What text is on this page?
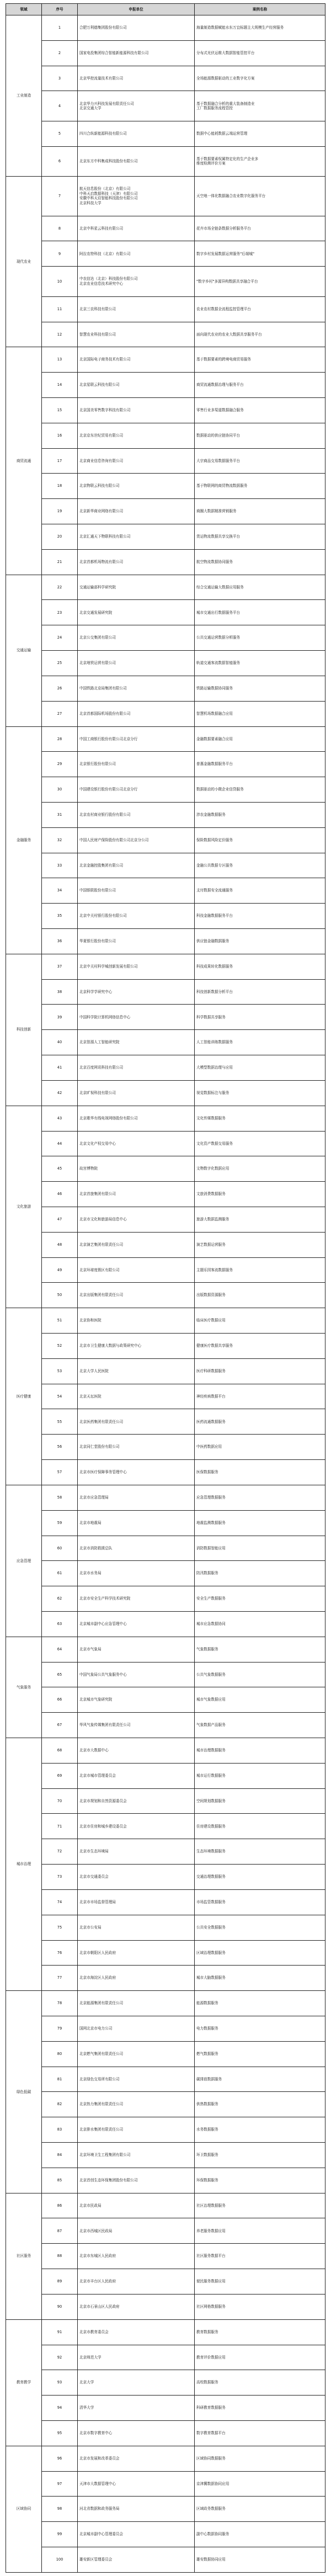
领域	序号	申报单位	案例名称
工业制造	1	合肥万利德集团股份有限公司	海量制造数据赋能水东万宜标题主大规模生产经营服务

	2	国家电投集团综合智能新能源科技有限公司	分布式光伏运维大数据智能管控平台

	3	北京华控流量技术有限公司	全场能源数据驱动的工业数字化方案

	4	北京华力兴科技发展有限责任公司
北京交通大学	基于数据融合分析的重大装备制造业
工厂数据服务流程管控

	5	四川合纵新能源科技有限公司	数据中心能耗数据云端运营管理

	6	北京东方中科集成科技股份有限公司	基于数据要素权属特定化的生产企业多
维度检测评价方案

现代农业	7	航天信息股份（北京）有限公司
中科天启数据科技（天津）有限公司
安徽中科天启智能科技股份有限公司
北京科技大学	天空地一体化数据融合农业数字化服务平台

	8	北京中科星云科技有限公司	花卉市场全链条数据分析服务平台

	9	阿拉农特科技（北京）有限公司	数字乡村发展数据运营服务"后端城"

	10	中农信达（北京）科技股份有限公司
北京农业信息技术研究中心	"数字乡村"多源异构数据共享融合平台

	11	北京三农科技有限公司	农业农村数据全流程监控管理平台

	12	智慧农业科技有限公司	面向现代农业的农业大数据共享服务平台

商贸流通	13	北京国际电子商务技术有限公司	基于数据要素的跨境电商贸易服务

	14	北京星联云科技有限公司	商贸流通数据治理与服务平台

	15	北京国美零售数字科技有限公司	零售行业多渠道数据融合服务

	16	北京京东世纪贸易有限公司	数据驱动的供应链协同平台

	17	北京商业信息咨询有限公司	大宗商品交易数据服务平台

	18	北京物联云科技有限公司	基于物联网的商贸物流数据服务

	19	北京新华商业网络有限公司	商圈大数据精准营销服务

	20	北京汇通天下物联科技有限公司	货运物流数据共享交换平台

	21	北京首都机场物流有限公司	航空物流数据协同服务

交通运输	22	交通运输部科学研究院	综合交通运输大数据应用服务

	23	北京交通发展研究院	城市交通出行数据服务平台

	24	北京公交集团有限公司	公共交通运营数据分析服务

	25	北京地铁运营有限公司	轨道交通客流数据智能服务

	26	中国铁路北京局集团有限公司	铁路运输数据协同服务

	27	北京首都国际机场股份有限公司	智慧机场数据融合应用

金融服务	28	中国工商银行股份有限公司北京分行	金融数据要素融合应用

	29	北京银行股份有限公司	普惠金融数据服务平台

	30	中国建设银行股份有限公司北京分行	数据驱动的小微企业信贷服务

	31	北京农村商业银行股份有限公司	涉农金融数据服务

	32	中国人民财产保险股份有限公司北京分公司	保险数据风险定价服务

	33	北京金融控股集团有限公司	金融公共数据专区服务

	34	中国银联股份有限公司	支付数据安全流通服务

	35	北京中关村银行股份有限公司	科技金融数据服务平台

	36	华夏银行股份有限公司	供应链金融数据服务

科技创新	37	北京中关村科学城创新发展有限公司	科技成果转化数据服务

	38	北京科学学研究中心	科技创新数据分析平台

	39	中国科学院计算机网络信息中心	科学数据共享服务

	40	北京智源人工智能研究院	人工智能训练数据服务

	41	北京百度网讯科技有限公司	大模型数据治理与应用

	42	北京旷视科技有限公司	视觉数据标注与服务

文化旅游	43	北京歌华有线电视网络股份有限公司	文化传媒数据服务

	44	北京文化产权交易中心	文化资产数据交易服务

	45	故宫博物院	文物数字化数据应用

	46	北京首旅集团有限公司	文旅消费数据服务

	47	北京市文化和旅游局信息中心	旅游大数据监测服务

	48	北京演艺集团有限责任公司	演艺数据运营服务

	49	北京环球度假区有限公司	主题乐园客流数据服务

	50	北京出版集团有限责任公司	出版数据资源服务

医疗健康	51	北京协和医院	临床医疗数据应用

	52	北京市卫生健康大数据与政策研究中心	健康医疗数据共享服务

	53	北京大学人民医院	医疗科研数据服务

	54	北京天坛医院	神经疾病数据平台

	55	北京医药集团有限责任公司	医药流通数据服务

	56	北京同仁堂股份有限公司	中医药数据应用

	57	北京市医疗保障事务管理中心	医保数据服务

应急管理	58	北京市应急管理局	应急管理数据服务

	59	北京市地震局	地震监测数据服务

	60	北京市消防救援总队	消防数据智能应用

	61	北京市水务局	防汛数据服务

	62	北京市安全生产科学技术研究院	安全生产数据服务

	63	北京城市副中心应急管理中心	城市应急数据协同

气象服务	64	北京市气象局	气象数据服务

	65	中国气象局公共气象服务中心	公共气象数据服务

	66	北京城市气象研究院	城市气象数据应用

	67	华风气象传媒集团有限责任公司	气象数据产品服务

城市治理	68	北京市大数据中心	城市治理数据服务

	69	北京市城市管理委员会	城市运行数据服务

	70	北京市规划和自然资源委员会	空间规划数据服务

	71	北京市住房和城乡建设委员会	住房建设数据服务

	72	北京市生态环境局	生态环境数据服务

	73	北京市交通委员会	交通治理数据服务

	74	北京市市场监督管理局	市场监管数据服务

	75	北京市公安局	公共安全数据服务

	76	北京市朝阳区人民政府	区域治理数据服务

	77	北京市海淀区人民政府	城市大脑数据服务

绿色低碳	78	北京能源集团有限责任公司	能源数据服务

	79	国网北京市电力公司	电力数据服务

	80	北京燃气集团有限责任公司	燃气数据服务

	81	北京绿色交易所有限公司	碳排放数据服务

	82	北京热力集团有限责任公司	供热数据服务

	83	北京排水集团有限责任公司	水务数据服务

	84	北京环境卫生工程集团有限公司	环卫数据服务

	85	北京首创生态环保集团股份有限公司	环保数据服务

社区服务	86	北京市民政局	社区治理数据服务

	87	北京市西城区民政局	养老服务数据应用

	88	北京市东城区人民政府	社区服务数据平台

	89	北京市丰台区人民政府	便民服务数据应用

	90	北京市石景山区人民政府	社区网格数据服务

教育教学	91	北京市教育委员会	教育数据服务

	92	北京师范大学	教育评价数据应用

	93	北京大学	高校数据服务

	94	清华大学	科研教育数据服务

	95	北京市数字教育中心	数字教育数据平台

区域协同	96	北京市发展和改革委员会	区域协同数据服务

	97	天津市大数据管理中心	京津冀数据协同应用

	98	河北省数据和政务服务局	区域政务数据服务

	99	北京城市副中心管理委员会	副中心数据协同服务

	100	雄安新区管理委员会	雄安数据协同应用
